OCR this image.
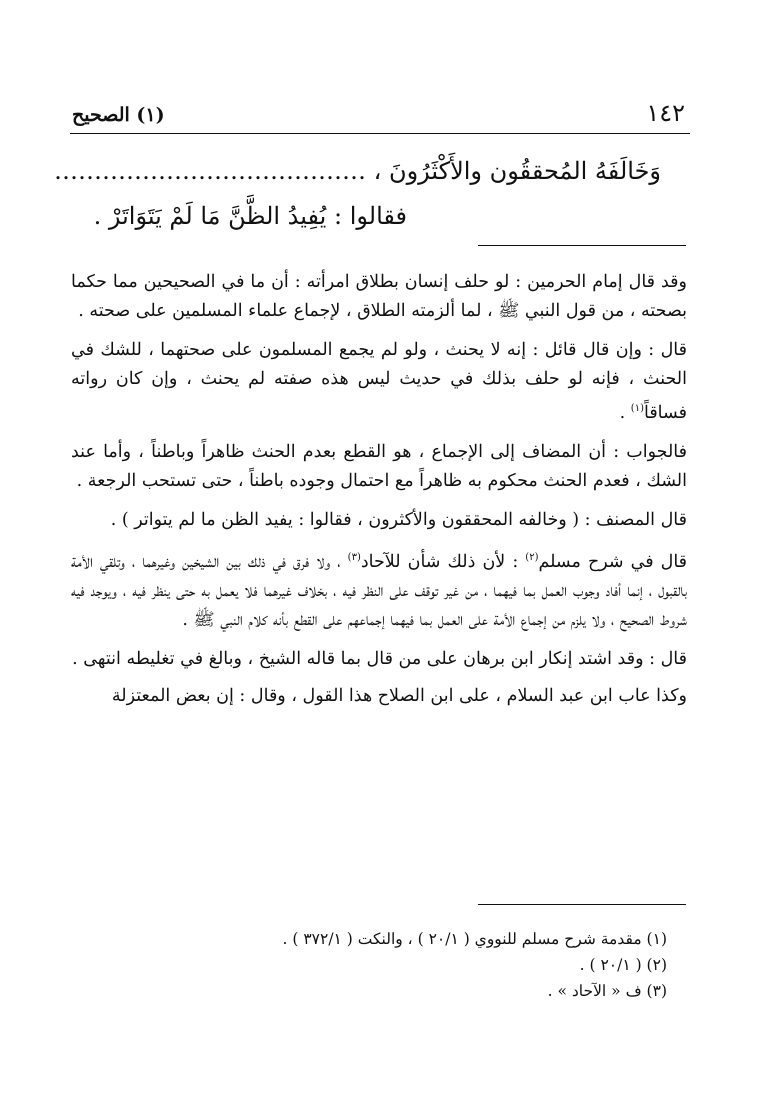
١٤٢
(١) الصحيح
وَخَالَفَهُ المُحققُون والأَكْثَرُونَ ، …………………………………
فقالوا : يُفِيدُ الظَّنَّ مَا لَمْ يَتَوَاتَرْ .

وقد قال إمام الحرمين : لو حلف إنسان بطلاق امرأته : أن ما في الصحيحين مما حكما بصحته ، من قول النبي ﷺ ، لما ألزمته الطلاق ، لإجماع علماء المسلمين على صحته .

قال : وإن قال قائل : إنه لا يحنث ، ولو لم يجمع المسلمون على صحتهما ، للشك في الحنث ، فإنه لو حلف بذلك في حديث ليس هذه صفته لم يحنث ، وإن كان رواته فساقاً$^{(١)}$ .

فالجواب : أن المضاف إلى الإجماع ، هو القطع بعدم الحنث ظاهراً وباطناً ، وأما عند الشك ، فعدم الحنث محكوم به ظاهراً مع احتمال وجوده باطناً ، حتى تستحب الرجعة .

قال المصنف : ( وخالفه المحققون والأكثرون ، فقالوا : يفيد الظن ما لم يتواتر ) .

قال في شرح مسلم$^{(٢)}$ : لأن ذلك شأن للآحاد$^{(٣)}$ ، ولا فرق في ذلك بين الشيخين وغيرهما ، وتلقي الأمة بالقبول ، إنما أفاد وجوب العمل بما فيهما ، من غير توقف على النظر فيه ، بخلاف غيرهما فلا يعمل به حتى ينظر فيه ، ويوجد فيه شروط الصحيح ، ولا يلزم من إجماع الأمة على العمل بما فيهما إجماعهم على القطع بأنه كلام النبي ﷺ .

قال : وقد اشتد إنكار ابن برهان على من قال بما قاله الشيخ ، وبالغ في تغليطه انتهى .

وكذا عاب ابن عبد السلام ، على ابن الصلاح هذا القول ، وقال : إن بعض المعتزلة

(١) مقدمة شرح مسلم للنووي ( ٢٠/١ ) ، والنكت ( ٣٧٢/١ ) .

(٢) ( ٢٠/١ ) .

(٣) ف « الآحاد » .
